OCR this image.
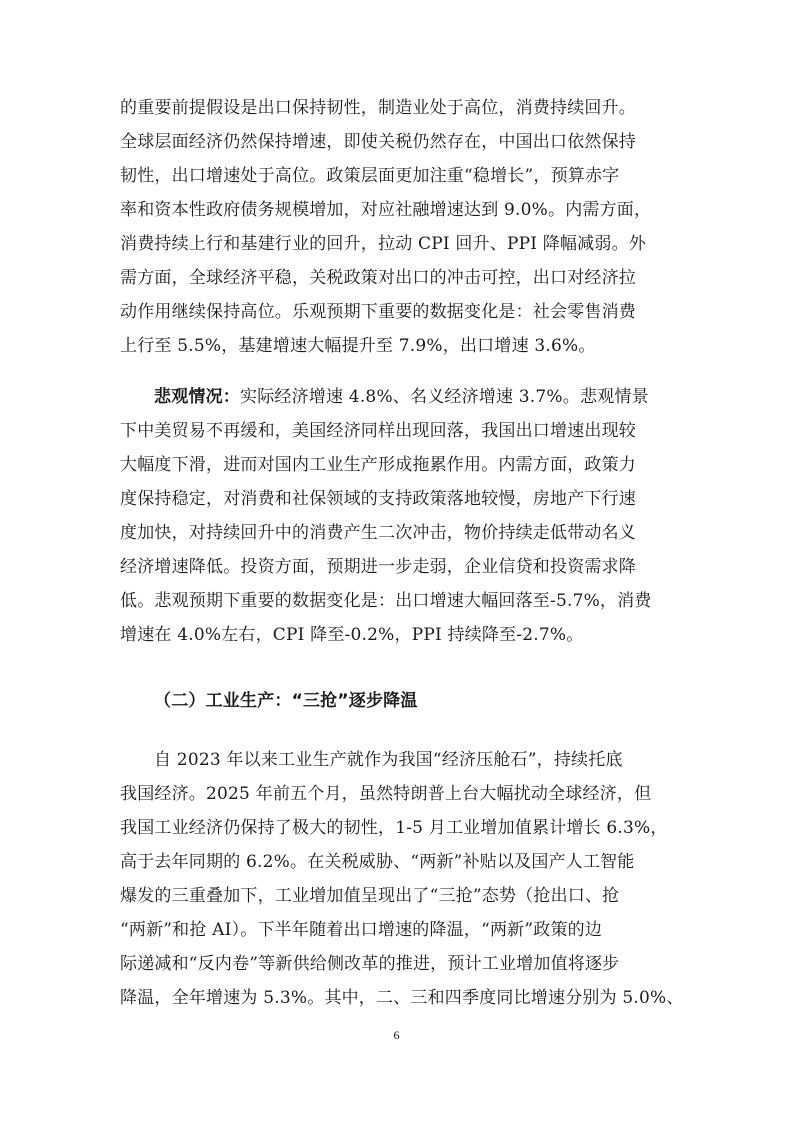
的重要前提假设是出口保持韧性，制造业处于高位，消费持续回升。
全球层面经济仍然保持增速，即使关税仍然存在，中国出口依然保持
韧性，出口增速处于高位。政策层面更加注重“稳增长”，预算赤字
率和资本性政府债务规模增加，对应社融增速达到 9.0%。内需方面，
消费持续上行和基建行业的回升，拉动 CPI 回升、PPI 降幅减弱。外
需方面，全球经济平稳，关税政策对出口的冲击可控，出口对经济拉
动作用继续保持高位。乐观预期下重要的数据变化是：社会零售消费
上行至 5.5%，基建增速大幅提升至 7.9%，出口增速 3.6%。
悲观情况：实际经济增速 4.8%、名义经济增速 3.7%。悲观情景
下中美贸易不再缓和，美国经济同样出现回落，我国出口增速出现较
大幅度下滑，进而对国内工业生产形成拖累作用。内需方面，政策力
度保持稳定，对消费和社保领域的支持政策落地较慢，房地产下行速
度加快，对持续回升中的消费产生二次冲击，物价持续走低带动名义
经济增速降低。投资方面，预期进一步走弱，企业信贷和投资需求降
低。悲观预期下重要的数据变化是：出口增速大幅回落至-5.7%，消费
增速在 4.0%左右，CPI 降至-0.2%，PPI 持续降至-2.7%。
（二）工业生产：“三抢”逐步降温
自 2023 年以来工业生产就作为我国“经济压舱石”，持续托底
我国经济。2025 年前五个月，虽然特朗普上台大幅扰动全球经济，但
我国工业经济仍保持了极大的韧性，1-5 月工业增加值累计增长 6.3%，
高于去年同期的 6.2%。在关税威胁、“两新”补贴以及国产人工智能
爆发的三重叠加下，工业增加值呈现出了“三抢”态势（抢出口、抢
“两新”和抢 AI）。下半年随着出口增速的降温，“两新”政策的边
际递减和“反内卷”等新供给侧改革的推进，预计工业增加值将逐步
降温，全年增速为 5.3%。其中，二、三和四季度同比增速分别为 5.0%、
6
